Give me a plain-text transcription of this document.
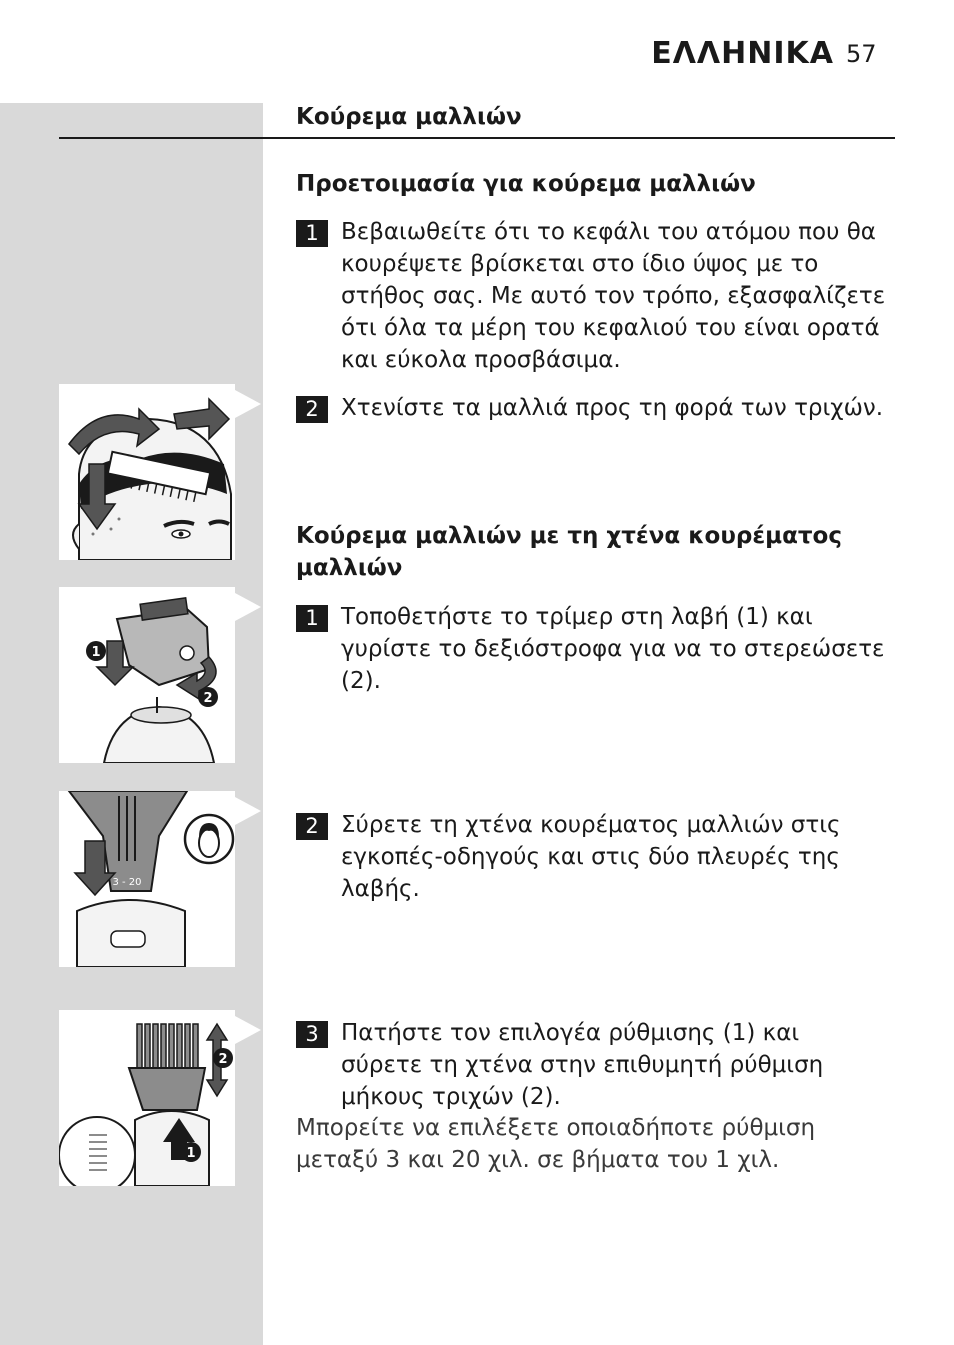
ΕΛΛΗΝΙΚΑ 57
Κούρεμα μαλλιών
Προετοιμασία για κούρεμα μαλλιών
1 Βεβαιωθείτε ότι το κεφάλι του ατόμου που θα κουρέψετε βρίσκεται στο ίδιο ύψος με το στήθος σας. Με αυτό τον τρόπο, εξασφαλίζετε ότι όλα τα μέρη του κεφαλιού του είναι ορατά και εύκολα προσβάσιμα.
2 Χτενίστε τα μαλλιά προς τη φορά των τριχών.
Κούρεμα μαλλιών με τη χτένα κουρέματος μαλλιών
1 Τοποθετήστε το τρίμερ στη λαβή (1) και γυρίστε το δεξιόστροφα για να το στερεώσετε (2).
2 Σύρετε τη χτένα κουρέματος μαλλιών στις εγκοπές-οδηγούς και στις δύο πλευρές της λαβής.
3 Πατήστε τον επιλογέα ρύθμισης (1) και σύρετε τη χτένα στην επιθυμητή ρύθμιση μήκους τριχών (2).
Μπορείτε να επιλέξετε οποιαδήποτε ρύθμιση μεταξύ 3 και 20 χιλ. σε βήματα του 1 χιλ.
1
2
3 - 20
2
1
